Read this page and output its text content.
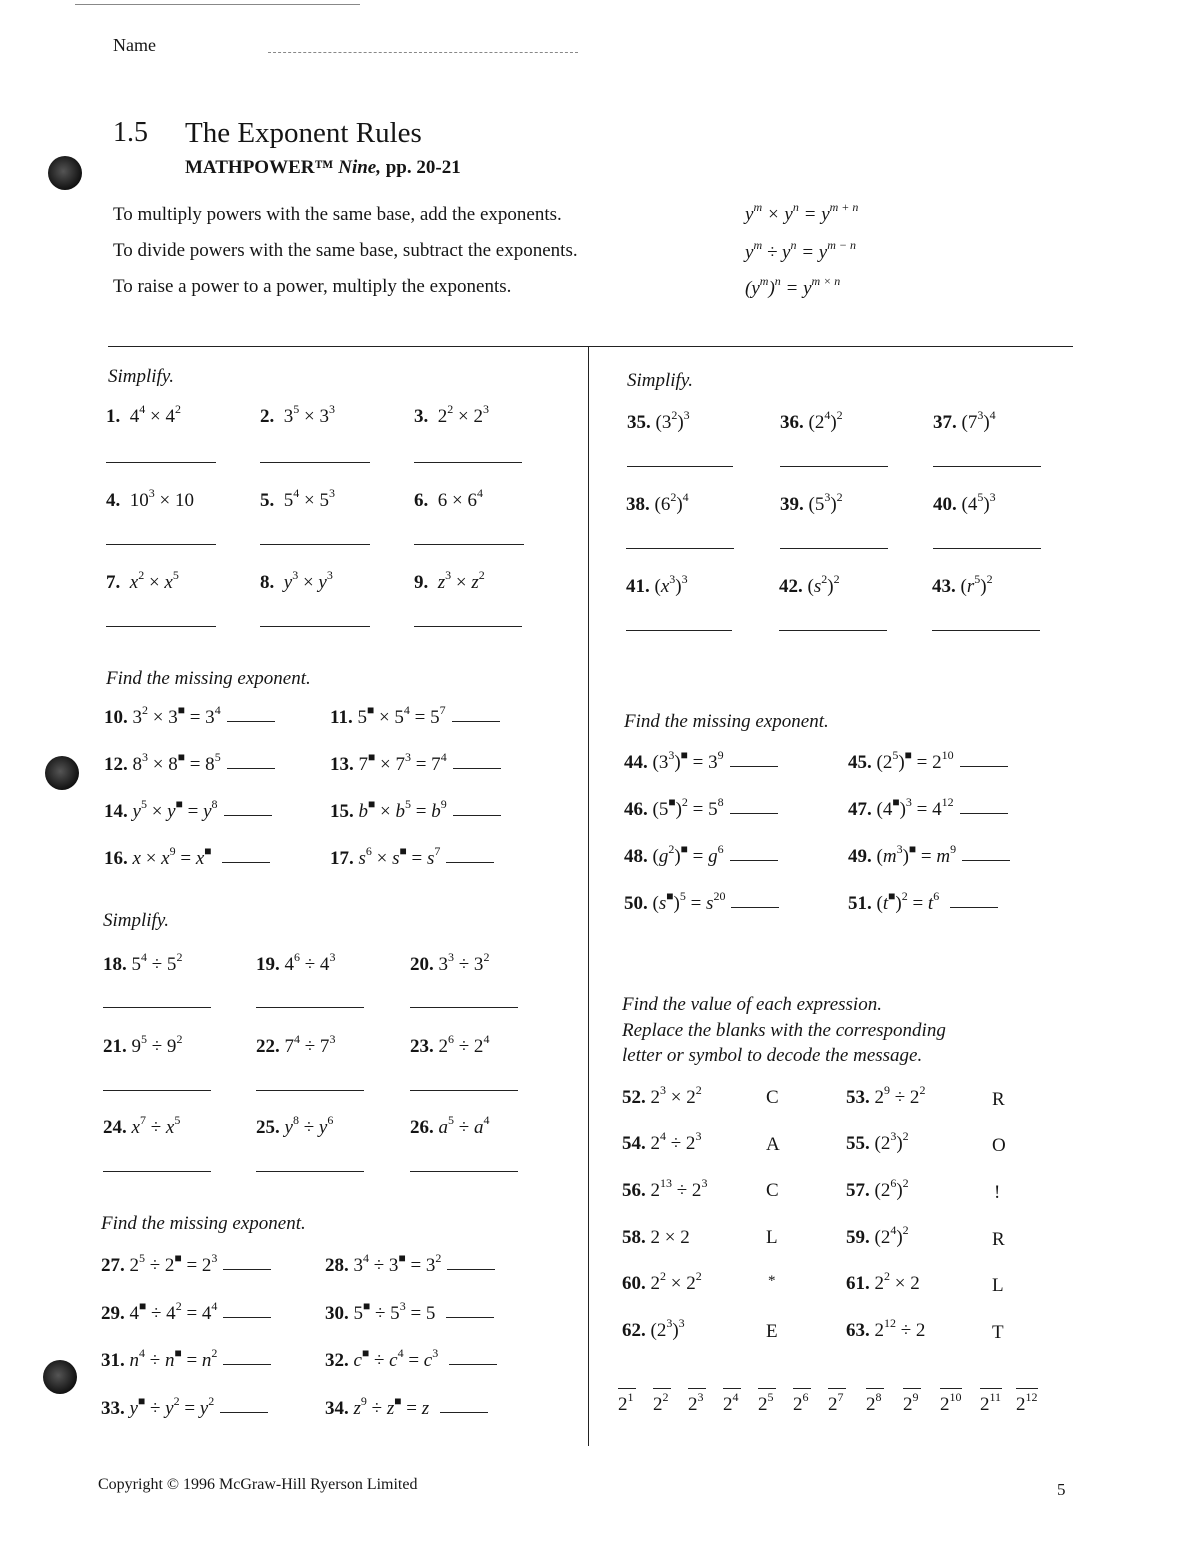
Name
1.5 The Exponent Rules
MATHPOWER™ Nine, pp. 20-21
To multiply powers with the same base, add the exponents.
To divide powers with the same base, subtract the exponents.
To raise a power to a power, multiply the exponents.
$y^m \times y^n = y^{m + n}$
$y^m \div y^n = y^{m - n}$
$(y^m)^n = y^{m \times n}$
Simplify.
1.  $4^4 \times 4^2$	2.  $3^5 \times 3^3$	3.  $2^2 \times 2^3$
4.  $10^3 \times 10$	5.  $5^4 \times 5^3$	6.  $6 \times 6^4$
7. $x^2 \times x^5$	8. $y^3 \times y^3$	9. $z^3 \times z^2$
Find the missing exponent.
10. $3^2 \times 3^■ = 3^4$	11. $5^■ \times 5^4 = 5^7$
12. $8^3 \times 8^■ = 8^5$	13. $7^■ \times 7^3 = 7^4$
14. $y^5 \times y^■ = y^8$	15. $b^■ \times b^5 = b^9$
16. $x \times x^9 = x^■$	17. $s^6 \times s^■ = s^7$
Simplify.
18. $5^4 \div 5^2$	19. $4^6 \div 4^3$	20. $3^3 \div 3^2$
21. $9^5 \div 9^2$	22. $7^4 \div 7^3$	23. $2^6 \div 2^4$
24. $x^7 \div x^5$	25. $y^8 \div y^6$	26. $a^5 \div a^4$
Find the missing exponent.
27. $2^5 \div 2^■ = 2^3$	28. $3^4 \div 3^■ = 3^2$
29. $4^■ \div 4^2 = 4^4$	30. $5^■ \div 5^3 = 5$
31. $n^4 \div n^■ = n^2$	32. $c^■ \div c^4 = c^3$
33. $y^■ \div y^2 = y^2$	34. $z^9 \div z^■ = z$
Simplify.
35. $(3^2)^3$	36. $(2^4)^2$	37. $(7^3)^4$
38. $(6^2)^4$	39. $(5^3)^2$	40. $(4^5)^3$
41. $(x^3)^3$	42. $(s^2)^2$	43. $(r^5)^2$
Find the missing exponent.
44. $(3^3)^■ = 3^9$	45. $(2^5)^■ = 2^{10}$
46. $(5^■)^2 = 5^8$	47. $(4^■)^3 = 4^{12}$
48. $(g^2)^■ = g^6$	49. $(m^3)^■ = m^9$
50. $(s^■)^5 = s^{20}$	51. $(t^■)^2 = t^6$
Find the value of each expression.
Replace the blanks with the corresponding
letter or symbol to decode the message.
52. $2^3 \times 2^2$	C	53. $2^9 \div 2^2$	R
54. $2^4 \div 2^3$	A	55. $(2^3)^2$	O
56. $2^{13} \div 2^3$	C	57. $(2^6)^2$	!
58. 2 × 2	L	59. $(2^4)^2$	R
60. $2^2 \times 2^2$	*	61. $2^2 \times 2$	L
62. $(2^3)^3$	E	63. $2^{12} \div 2$	T
$2^1$ $2^2$ $2^3$ $2^4$ $2^5$ $2^6$ $2^7$ $2^8$ $2^9$ $2^{10}$ $2^{11}$ $2^{12}$
Copyright © 1996 McGraw-Hill Ryerson Limited	5
